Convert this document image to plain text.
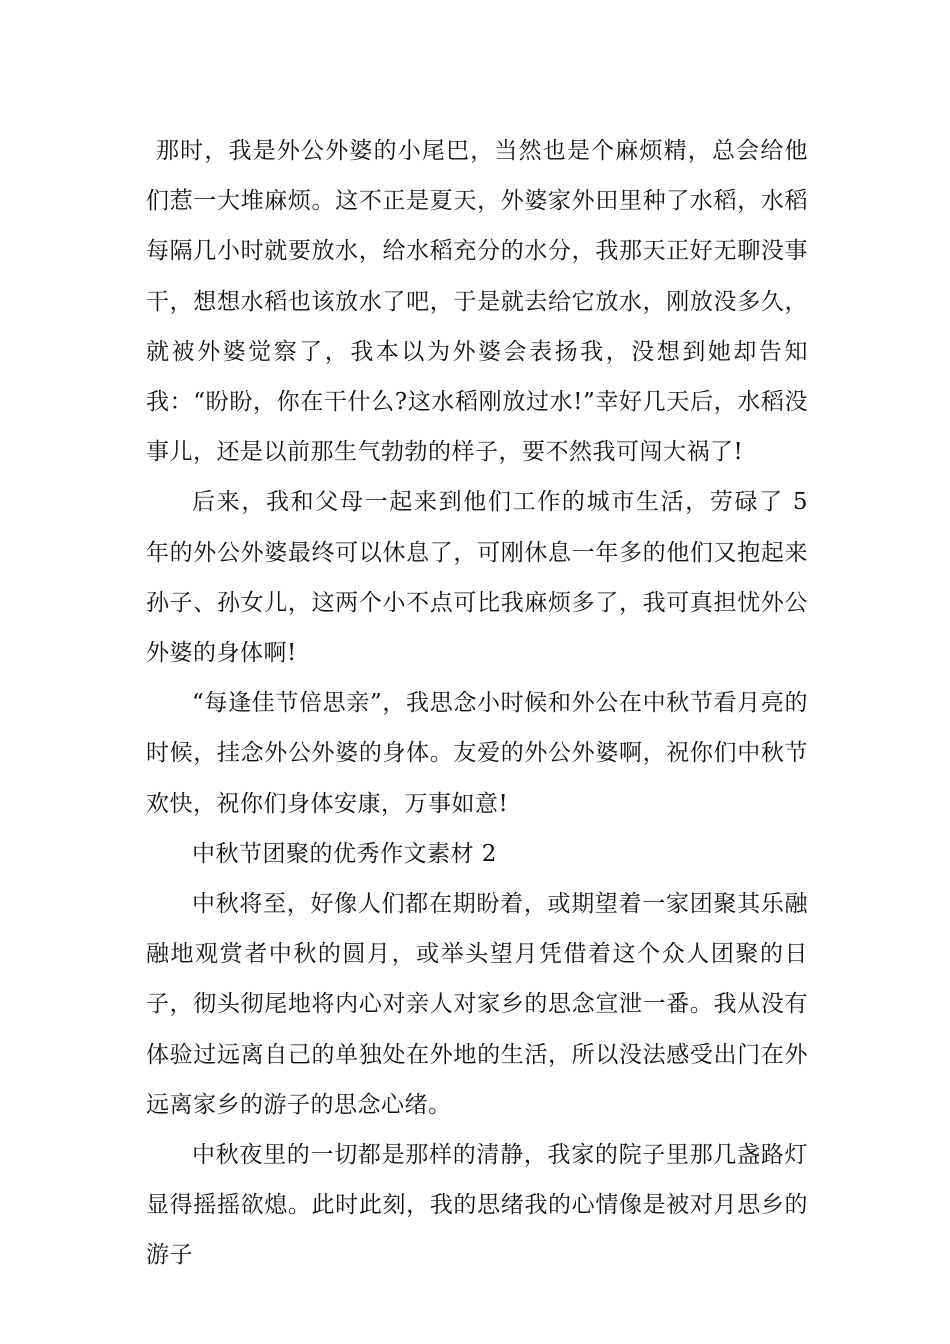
那时，我是外公外婆的小尾巴，当然也是个麻烦精，总会给他们惹一大堆麻烦。这不正是夏天，外婆家外田里种了水稻，水稻每隔几小时就要放水，给水稻充分的水分，我那天正好无聊没事干，想想水稻也该放水了吧，于是就去给它放水，刚放没多久，就被外婆觉察了，我本以为外婆会表扬我，没想到她却告知我：“盼盼，你在干什么?这水稻刚放过水!”幸好几天后，水稻没事儿，还是以前那生气勃勃的样子，要不然我可闯大祸了!

后来，我和父母一起来到他们工作的城市生活，劳碌了 5 年的外公外婆最终可以休息了，可刚休息一年多的他们又抱起来孙子、孙女儿，这两个小不点可比我麻烦多了，我可真担忧外公外婆的身体啊!

“每逢佳节倍思亲”，我思念小时候和外公在中秋节看月亮的时候，挂念外公外婆的身体。友爱的外公外婆啊，祝你们中秋节欢快，祝你们身体安康，万事如意!

中秋节团聚的优秀作文素材 2

中秋将至，好像人们都在期盼着，或期望着一家团聚其乐融融地观赏者中秋的圆月，或举头望月凭借着这个众人团聚的日子，彻头彻尾地将内心对亲人对家乡的思念宣泄一番。我从没有体验过远离自己的单独处在外地的生活，所以没法感受出门在外远离家乡的游子的思念心绪。

中秋夜里的一切都是那样的清静，我家的院子里那几盏路灯显得摇摇欲熄。此时此刻，我的思绪我的心情像是被对月思乡的游子
